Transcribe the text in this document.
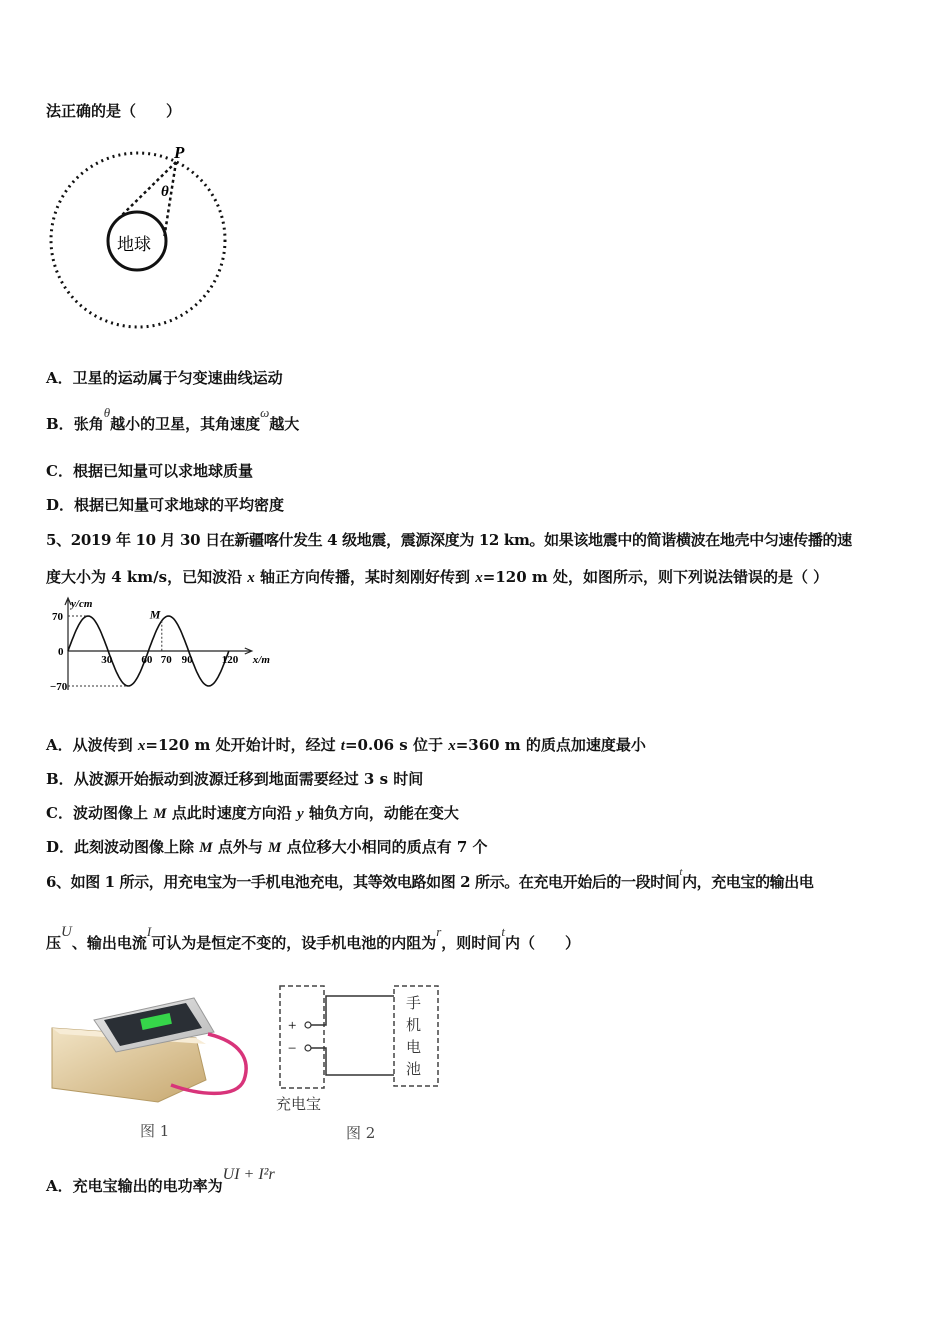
法正确的是（　　）
P
θ
地球
A．卫星的运动属于匀变速曲线运动
B．张角θ越小的卫星，其角速度ω越大
C．根据已知量可以求地球质量
D．根据已知量可求地球的平均密度
5、2019 年 10 月 30 日在新疆喀什发生 4 级地震，震源深度为 12 km。如果该地震中的简谐横波在地壳中匀速传播的速
度大小为 4 km/s，已知波沿 x 轴正方向传播，某时刻刚好传到 x=120 m 处，如图所示，则下列说法错误的是（ ）
M
30	60 70 90	120
70
0
−70
y/cm
x/m
A．从波传到 x=120 m 处开始计时，经过 t=0.06 s 位于 x=360 m 的质点加速度最小
B．从波源开始振动到波源迁移到地面需要经过 3 s 时间
C．波动图像上 M 点此时速度方向沿 y 轴负方向，动能在变大
D．此刻波动图像上除 M 点外与 M 点位移大小相同的质点有 7 个
6、如图 1 所示，用充电宝为一手机电池充电，其等效电路如图 2 所示。在充电开始后的一段时间$^t$内，充电宝的输出电
压U、输出电流I可认为是恒定不变的，设手机电池的内阻为r，则时间t内（　　）
图 1
+
−
手
机
电
池
充电宝
图 2
A．充电宝输出的电功率为UI + I²r
